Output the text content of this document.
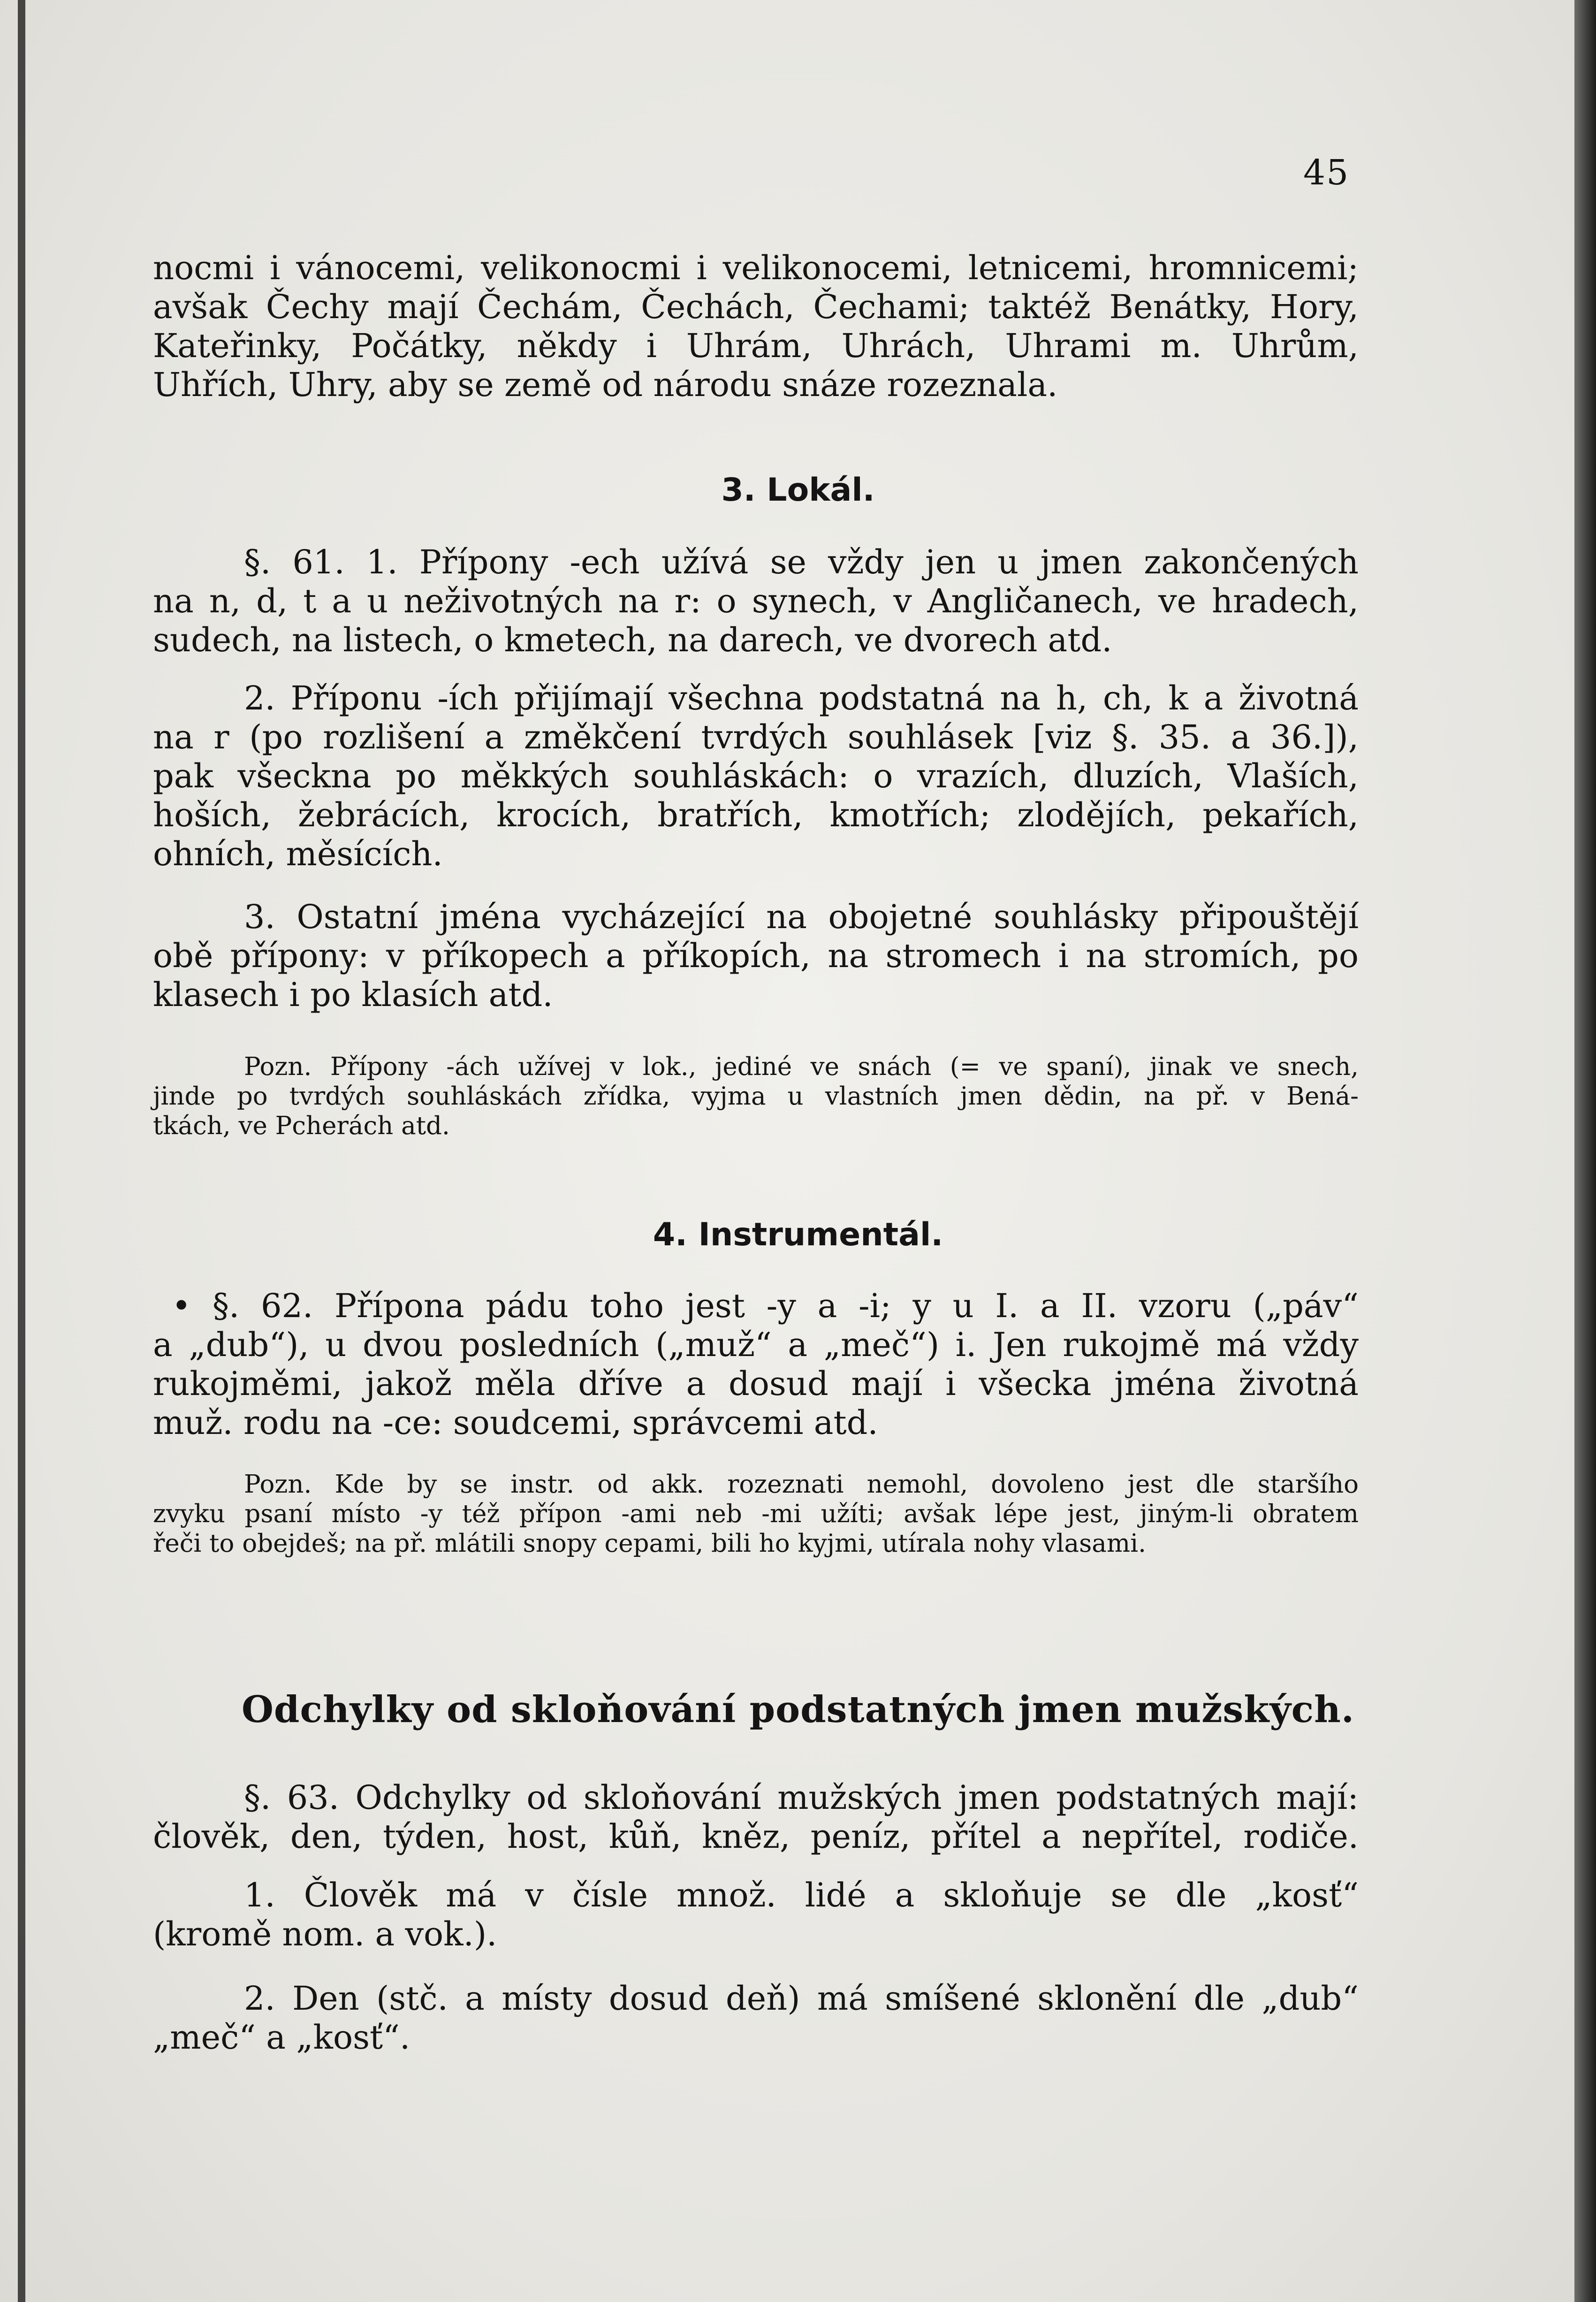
45
nocmi i vánocemi, velikonocmi i velikonocemi, letnicemi, hromnicemi;
avšak Čechy mají Čechám, Čechách, Čechami; taktéž Benátky, Hory,
Kateřinky, Počátky, někdy i Uhrám, Uhrách, Uhrami m. Uhrům,
Uhřích, Uhry, aby se země od národu snáze rozeznala.
3. Lokál.
§. 61. 1. Přípony -ech užívá se vždy jen u jmen zakončených
na n, d, t a u neživotných na r: o synech, v Angličanech, ve hradech,
sudech, na listech, o kmetech, na darech, ve dvorech atd.
2. Příponu -ích přijímají všechna podstatná na h, ch, k a životná
na r (po rozlišení a změkčení tvrdých souhlásek [viz §. 35. a 36.]),
pak všeckna po měkkých souhláskách: o vrazích, dluzích, Vlaších,
hoších, žebrácích, krocích, bratřích, kmotřích; zlodějích, pekařích,
ohních, měsících.
3. Ostatní jména vycházející na obojetné souhlásky připouštějí
obě přípony: v příkopech a příkopích, na stromech i na stromích, po
klasech i po klasích atd.
Pozn. Přípony -ách užívej v lok., jediné ve snách (= ve spaní), jinak ve snech,
jinde po tvrdých souhláskách zřídka, vyjma u vlastních jmen dědin, na př. v Bená-
tkách, ve Pcherách atd.
4. Instrumentál.
• §. 62. Přípona pádu toho jest -y a -i; y u I. a II. vzoru („páv“
a „dub“), u dvou posledních („muž“ a „meč“) i. Jen rukojmě má vždy
rukojměmi, jakož měla dříve a dosud mají i všecka jména životná
muž. rodu na -ce: soudcemi, správcemi atd.
Pozn. Kde by se instr. od akk. rozeznati nemohl, dovoleno jest dle staršího
zvyku psaní místo -y též přípon -ami neb -mi užíti; avšak lépe jest, jiným-li obratem
řeči to obejdeš; na př. mlátili snopy cepami, bili ho kyjmi, utírala nohy vlasami.
Odchylky od skloňování podstatných jmen mužských.
§. 63. Odchylky od skloňování mužských jmen podstatných mají:
člověk, den, týden, host, kůň, kněz, peníz, přítel a nepřítel, rodiče.
1. Člověk má v čísle množ. lidé a skloňuje se dle „kosť“
(kromě nom. a vok.).
2. Den (stč. a místy dosud deň) má smíšené sklonění dle „dub“
„meč“ a „kosť“.
